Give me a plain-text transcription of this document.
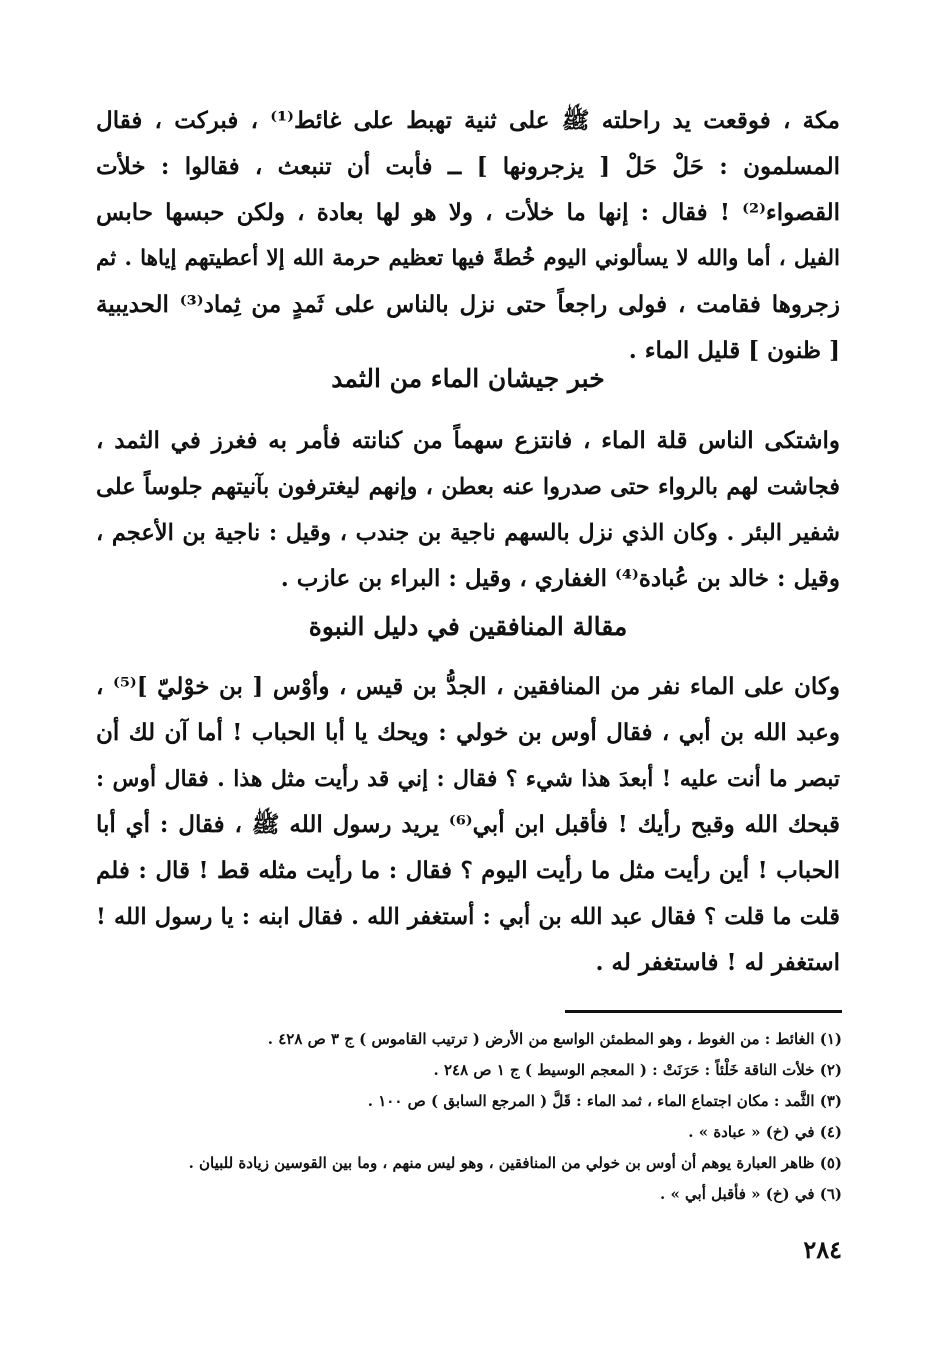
مكة ، فوقعت يد راحلته ﷺ على ثنية تهبط على غائط⁽¹⁾ ، فبركت ، فقال
المسلمون : حَلْ حَلْ [ يزجرونها ] ــ فأبت أن تنبعث ، فقالوا : خلأت
القصواء⁽²⁾ ! فقال : إنها ما خلأت ، ولا هو لها بعادة ، ولكن حبسها حابس
الفيل ، أما والله لا يسألوني اليوم خُطةً فيها تعظيم حرمة الله إلا أعطيتهم إياها . ثم
زجروها فقامت ، فولى راجعاً حتى نزل بالناس على ثَمدٍ من ثِماد⁽³⁾ الحديبية
[ ظنون ] قليل الماء .
خبر جيشان الماء من الثمد
واشتكى الناس قلة الماء ، فانتزع سهماً من كنانته فأمر به فغرز في الثمد ،
فجاشت لهم بالرواء حتى صدروا عنه بعطن ، وإنهم ليغترفون بآنيتهم جلوساً على
شفير البئر . وكان الذي نزل بالسهم ناجية بن جندب ، وقيل : ناجية بن الأعجم ،
وقيل : خالد بن عُبادة⁽⁴⁾ الغفاري ، وقيل : البراء بن عازب .
مقالة المنافقين في دليل النبوة
وكان على الماء نفر من المنافقين ، الجدُّ بن قيس ، وأوْس [ بن خوْليّ ]⁽⁵⁾ ،
وعبد الله بن أبي ، فقال أوس بن خولي : ويحك يا أبا الحباب ! أما آن لك أن
تبصر ما أنت عليه ! أبعدَ هذا شيء ؟ فقال : إني قد رأيت مثل هذا . فقال أوس :
قبحك الله وقبح رأيك ! فأقبل ابن أبي⁽⁶⁾ يريد رسول الله ﷺ ، فقال : أي أبا
الحباب ! أين رأيت مثل ما رأيت اليوم ؟ فقال : ما رأيت مثله قط ! قال : فلم
قلت ما قلت ؟ فقال عبد الله بن أبي : أستغفر الله . فقال ابنه : يا رسول الله !
استغفر له ! فاستغفر له .
(١) الغائط : من الغوط ، وهو المطمئن الواسع من الأرض ( ترتيب القاموس ) ج ٣ ص ٤٢٨ .
(٢) خلأت الناقة خَلْئاً : حَرَنَتْ : ( المعجم الوسيط ) ج ١ ص ٢٤٨ .
(٣) الثَّمد : مكان اجتماع الماء ، ثمد الماء : قَلَّ ( المرجع السابق ) ص ١٠٠ .
(٤) في (خ) « عبادة » .
(٥) ظاهر العبارة يوهم أن أوس بن خولي من المنافقين ، وهو ليس منهم ، وما بين القوسين زيادة للبيان .
(٦) في (خ) « فأقبل أبي » .
٢٨٤
